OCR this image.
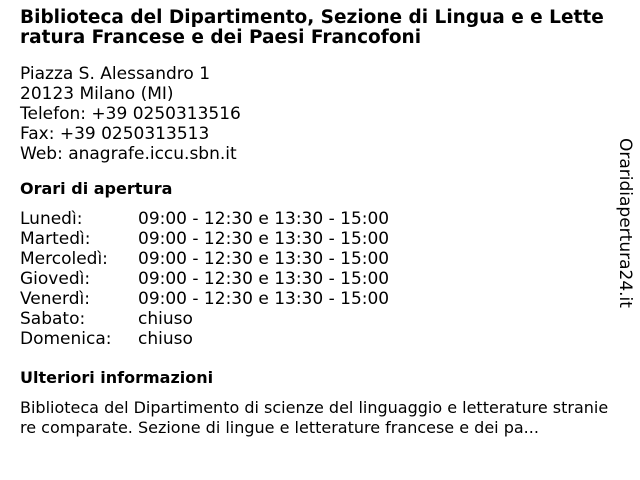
Biblioteca del Dipartimento, Sezione di Lingua e e Letteratura Francese e dei Paesi Francofoni
Piazza S. Alessandro 1
20123 Milano (MI)
Telefon: +39 0250313516
Fax: +39 0250313513
Web: anagrafe.iccu.sbn.it
Orari di apertura
Lunedì:	09:00 - 12:30 e 13:30 - 15:00
Martedì:	09:00 - 12:30 e 13:30 - 15:00
Mercoledì:	09:00 - 12:30 e 13:30 - 15:00
Giovedì:	09:00 - 12:30 e 13:30 - 15:00
Venerdì:	09:00 - 12:30 e 13:30 - 15:00
Sabato:	chiuso
Domenica:	chiuso
Ulteriori informazioni
Biblioteca del Dipartimento di scienze del linguaggio e letterature straniere comparate. Sezione di lingue e letterature francese e dei pa...
Oraridiapertura24.it
